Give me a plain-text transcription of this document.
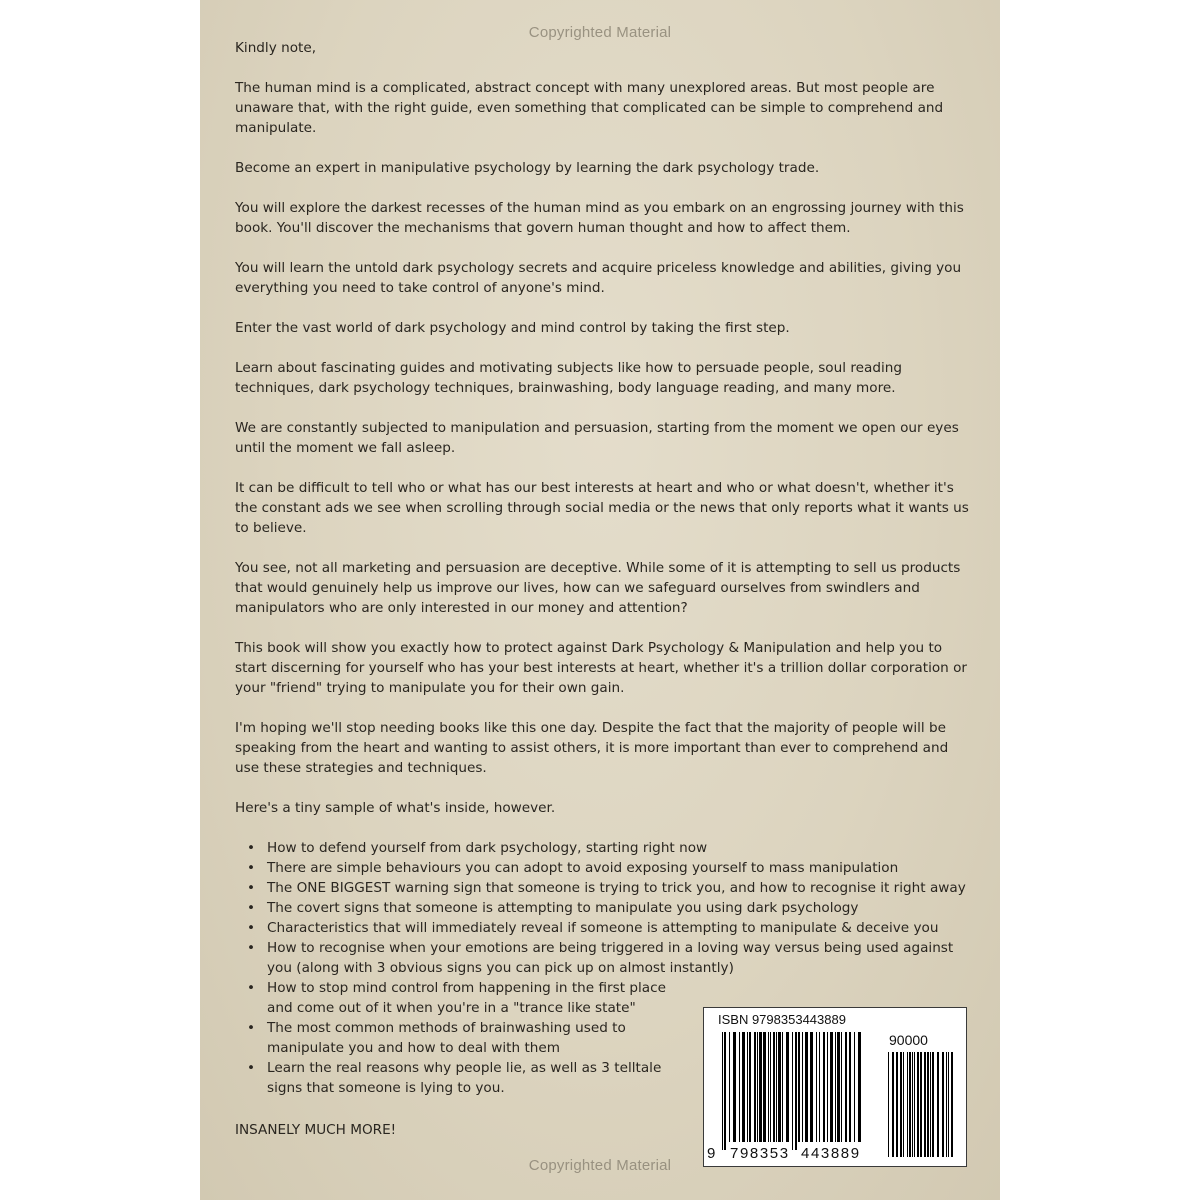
Copyrighted Material

Kindly note,

The human mind is a complicated, abstract concept with many unexplored areas. But most people are unaware that, with the right guide, even something that complicated can be simple to comprehend and manipulate.

Become an expert in manipulative psychology by learning the dark psychology trade.

You will explore the darkest recesses of the human mind as you embark on an engrossing journey with this book. You'll discover the mechanisms that govern human thought and how to affect them.

You will learn the untold dark psychology secrets and acquire priceless knowledge and abilities, giving you everything you need to take control of anyone's mind.

Enter the vast world of dark psychology and mind control by taking the first step.

Learn about fascinating guides and motivating subjects like how to persuade people, soul reading techniques, dark psychology techniques, brainwashing, body language reading, and many more.

We are constantly subjected to manipulation and persuasion, starting from the moment we open our eyes until the moment we fall asleep.

It can be difficult to tell who or what has our best interests at heart and who or what doesn't, whether it's the constant ads we see when scrolling through social media or the news that only reports what it wants us to believe.

You see, not all marketing and persuasion are deceptive. While some of it is attempting to sell us products that would genuinely help us improve our lives, how can we safeguard ourselves from swindlers and manipulators who are only interested in our money and attention?

This book will show you exactly how to protect against Dark Psychology & Manipulation and help you to start discerning for yourself who has your best interests at heart, whether it's a trillion dollar corporation or your "friend" trying to manipulate you for their own gain.

I'm hoping we'll stop needing books like this one day. Despite the fact that the majority of people will be speaking from the heart and wanting to assist others, it is more important than ever to comprehend and use these strategies and techniques.

Here's a tiny sample of what's inside, however.

• How to defend yourself from dark psychology, starting right now
• There are simple behaviours you can adopt to avoid exposing yourself to mass manipulation
• The ONE BIGGEST warning sign that someone is trying to trick you, and how to recognise it right away
• The covert signs that someone is attempting to manipulate you using dark psychology
• Characteristics that will immediately reveal if someone is attempting to manipulate & deceive you
• How to recognise when your emotions are being triggered in a loving way versus being used against you (along with 3 obvious signs you can pick up on almost instantly)
• How to stop mind control from happening in the first place and come out of it when you're in a "trance like state"
• The most common methods of brainwashing used to manipulate you and how to deal with them
• Learn the real reasons why people lie, as well as 3 telltale signs that someone is lying to you.
INSANELY MUCH MORE!
ISBN 9798353443889
90000
9 798353 443889
Copyrighted Material
